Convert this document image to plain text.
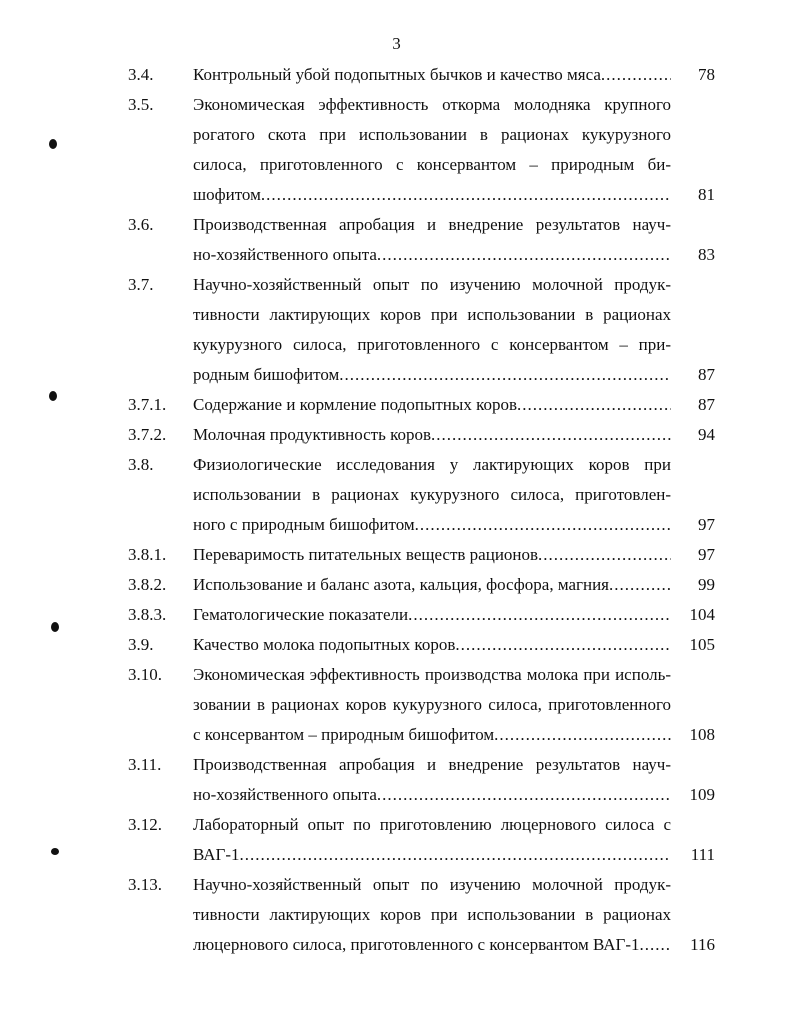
3
3.4. Контрольный убой подопытных бычков и качество мяса .....	78
3.5. Экономическая эффективность откорма молодняка крупного
рогатого скота при использовании в рационах кукурузного
силоса, приготовленного с консервантом – природным би-
шофитом .....	81
3.6. Производственная апробация и внедрение результатов науч-
но-хозяйственного опыта .....	83
3.7. Научно-хозяйственный опыт по изучению молочной продук-
тивности лактирующих коров при использовании в рационах
кукурузного силоса, приготовленного с консервантом – при-
родным бишофитом .....	87
3.7.1. Содержание и кормление подопытных коров .....	87
3.7.2. Молочная продуктивность коров .....	94
3.8. Физиологические исследования у лактирующих коров при
использовании в рационах кукурузного силоса, приготовлен-
ного с природным бишофитом .....	97
3.8.1. Переваримость питательных веществ рационов .....	97
3.8.2. Использование и баланс азота, кальция, фосфора, магния .....	99
3.8.3. Гематологические показатели .....	104
3.9. Качество молока подопытных коров .....	105
3.10. Экономическая эффективность производства молока при исполь-
зовании в рационах коров кукурузного силоса, приготовленного
с консервантом – природным бишофитом .....	108
3.11. Производственная апробация и внедрение результатов науч-
но-хозяйственного опыта .....	109
3.12. Лабораторный опыт по приготовлению люцернового силоса с
ВАГ-1 .....	111
3.13. Научно-хозяйственный опыт по изучению молочной продук-
тивности лактирующих коров при использовании в рационах
люцернового силоса, приготовленного с консервантом ВАГ-1 .....	116
